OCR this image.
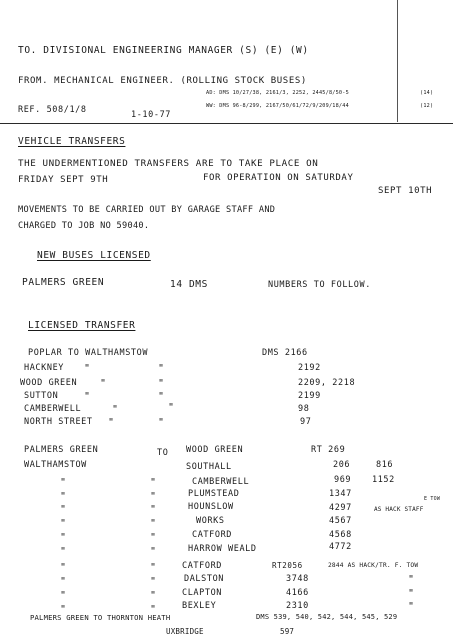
TO. DIVISIONAL ENGINEERING MANAGER (S) (E) (W)
FROM. MECHANICAL ENGINEER. (ROLLING STOCK BUSES)
AD: DMS 10/27/38, 2161/3, 2252, 2445/8/50-5	(14)
WW: DMS 96-8/299, 2167/50/61/72/9/209/18/44	(12)
REF. 508/1/8	1-10-77
VEHICLE TRANSFERS
THE UNDERMENTIONED TRANSFERS ARE TO TAKE PLACE ON
FRIDAY SEPT 9TH	FOR OPERATION ON SATURDAY
SEPT 10TH
MOVEMENTS TO BE CARRIED OUT BY GARAGE STAFF AND
CHARGED TO JOB NO 59040.
NEW BUSES LICENSED
PALMERS GREEN	14 DMS	NUMBERS TO FOLLOW.
LICENSED TRANSFER
POPLAR TO WALTHAMSTOW	DMS 2166
HACKNEY "	"	2192
WOOD GREEN "	"	2209, 2218
SUTTON	"	"	2199
CAMBERWELL	"	"	98
NORTH STREET "	"	97
PALMERS GREEN	TO WOOD GREEN	RT 269
WALTHAMSTOW	SOUTHALL	206	816
"	"	CAMBERWELL	969 1152
"	"	PLUMSTEAD	1347
"	"	HOUNSLOW	4297	AS HACK STAFF
E TOW
"	"	WORKS	4567
"	"	CATFORD	4568
"	"	HARROW WEALD	4772
"	"	CATFORD	RT2056	2844 AS HACK/TR. F. TOW
"	"	DALSTON	3748	"
"	"	CLAPTON	4166	"
"	"	BEXLEY	2310	"
PALMERS GREEN TO THORNTON HEATH	DMS 539, 540, 542, 544, 545, 529
UXBRIDGE	597
